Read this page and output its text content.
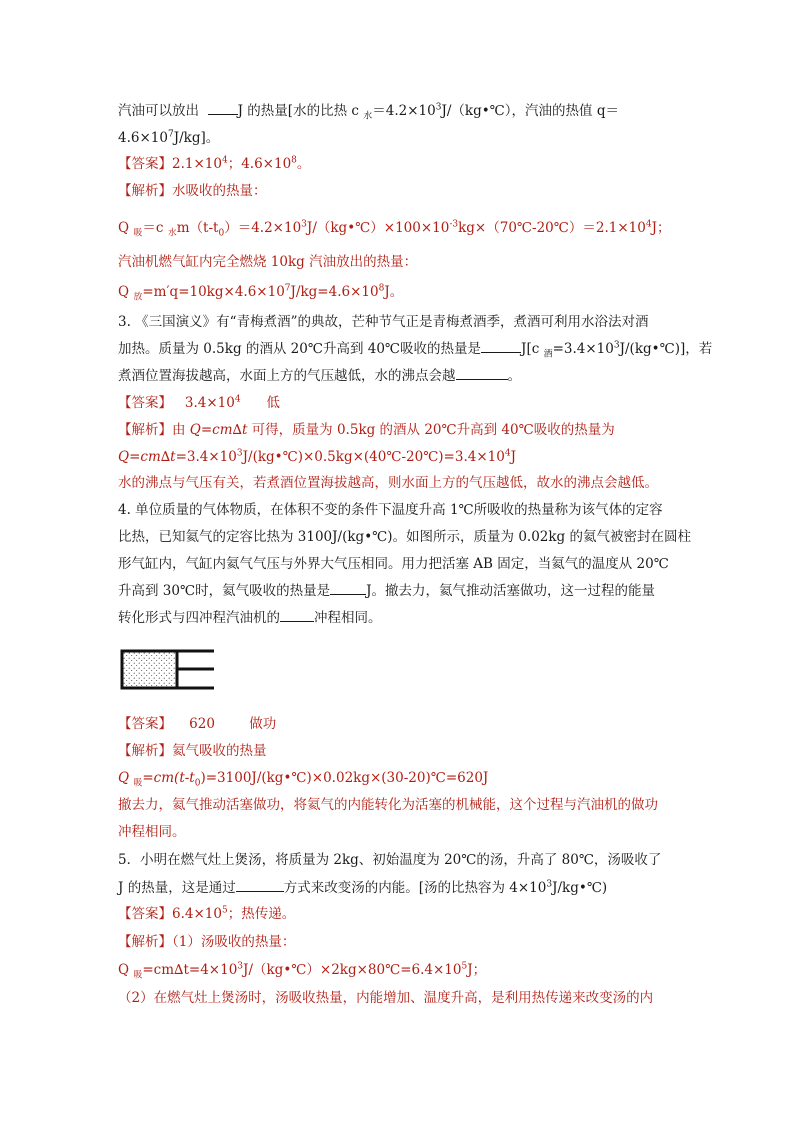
汽油可以放出	J 的热量[水的比热 c $_水=4.2\times 10^3J/(kg•℃)$，汽油的热值 q＝
$4.6\times 10^7J/kg$]。
【答案】$2.1\times 10^4$；$4.6\times 10^8$。
【解析】水吸收的热量：
Q $_吸$＝c $_水m(t-t_0)=4.2\times 10^3J/(kg•℃)\times 100\times 10^{-3}kg\times(70℃-20℃)=2.1\times 10^4J$；
汽油机燃气缸内完全燃烧 10kg 汽油放出的热量：
Q $_放=m'q=10kg\times 4.6\times 10^7J/kg=4.6\times 10^8J$。
3. 《三国演义》有“青梅煮酒”的典故，芒种节气正是青梅煮酒季，煮酒可利用水浴法对酒
加热。质量为 0.5kg 的酒从 20℃升高到 40℃吸收的热量是	J[c $_酒=3.4\times 10^3J/(kg•℃)$]，若
煮酒位置海拔越高，水面上方的气压越低，水的沸点会越	。
【答案】 $3.4\times 10^4$ 低
【解析】由 Q=cm∆t 可得，质量为 0.5kg 的酒从 20℃升高到 40℃吸收的热量为
$Q=cm\Delta t=3.4\times 10^3J/(kg•℃)\times 0.5kg\times(40℃-20℃)=3.4\times 10^4J$
水的沸点与气压有关，若煮酒位置海拔越高，则水面上方的气压越低，故水的沸点会越低。
4. 单位质量的气体物质，在体积不变的条件下温度升高 1℃所吸收的热量称为该气体的定容
比热，已知氦气的定容比热为 3100J/(kg•℃)。如图所示，质量为 0.02kg 的氦气被密封在圆柱
形气缸内，气缸内氦气气压与外界大气压相同。用力把活塞 AB 固定，当氦气的温度从 20℃
升高到 30℃时，氦气吸收的热量是	J。撤去力，氦气推动活塞做功，这一过程的能量
转化形式与四冲程汽油机的	冲程相同。
【答案】 620	做功
【解析】氦气吸收的热量
Q $_吸=cm(t-t_0)=3100J/(kg•℃)\times 0.02kg\times(30-20)℃=620J$
撤去力，氦气推动活塞做功，将氦气的内能转化为活塞的机械能，这个过程与汽油机的做功
冲程相同。
5．小明在燃气灶上煲汤，将质量为 2kg、初始温度为 20℃的汤，升高了 80℃，汤吸收了
J 的热量，这是通过	方式来改变汤的内能。[汤的比热容为 $4\times 10^3J/kg•℃$)
【答案】$6.4\times 10^5$；热传递。
【解析】（1）汤吸收的热量：
Q $_吸=cm\Delta t=4\times 10^3J/(kg•℃)\times 2kg\times 80℃=6.4\times 10^5J$；
（2）在燃气灶上煲汤时，汤吸收热量，内能增加、温度升高，是利用热传递来改变汤的内
